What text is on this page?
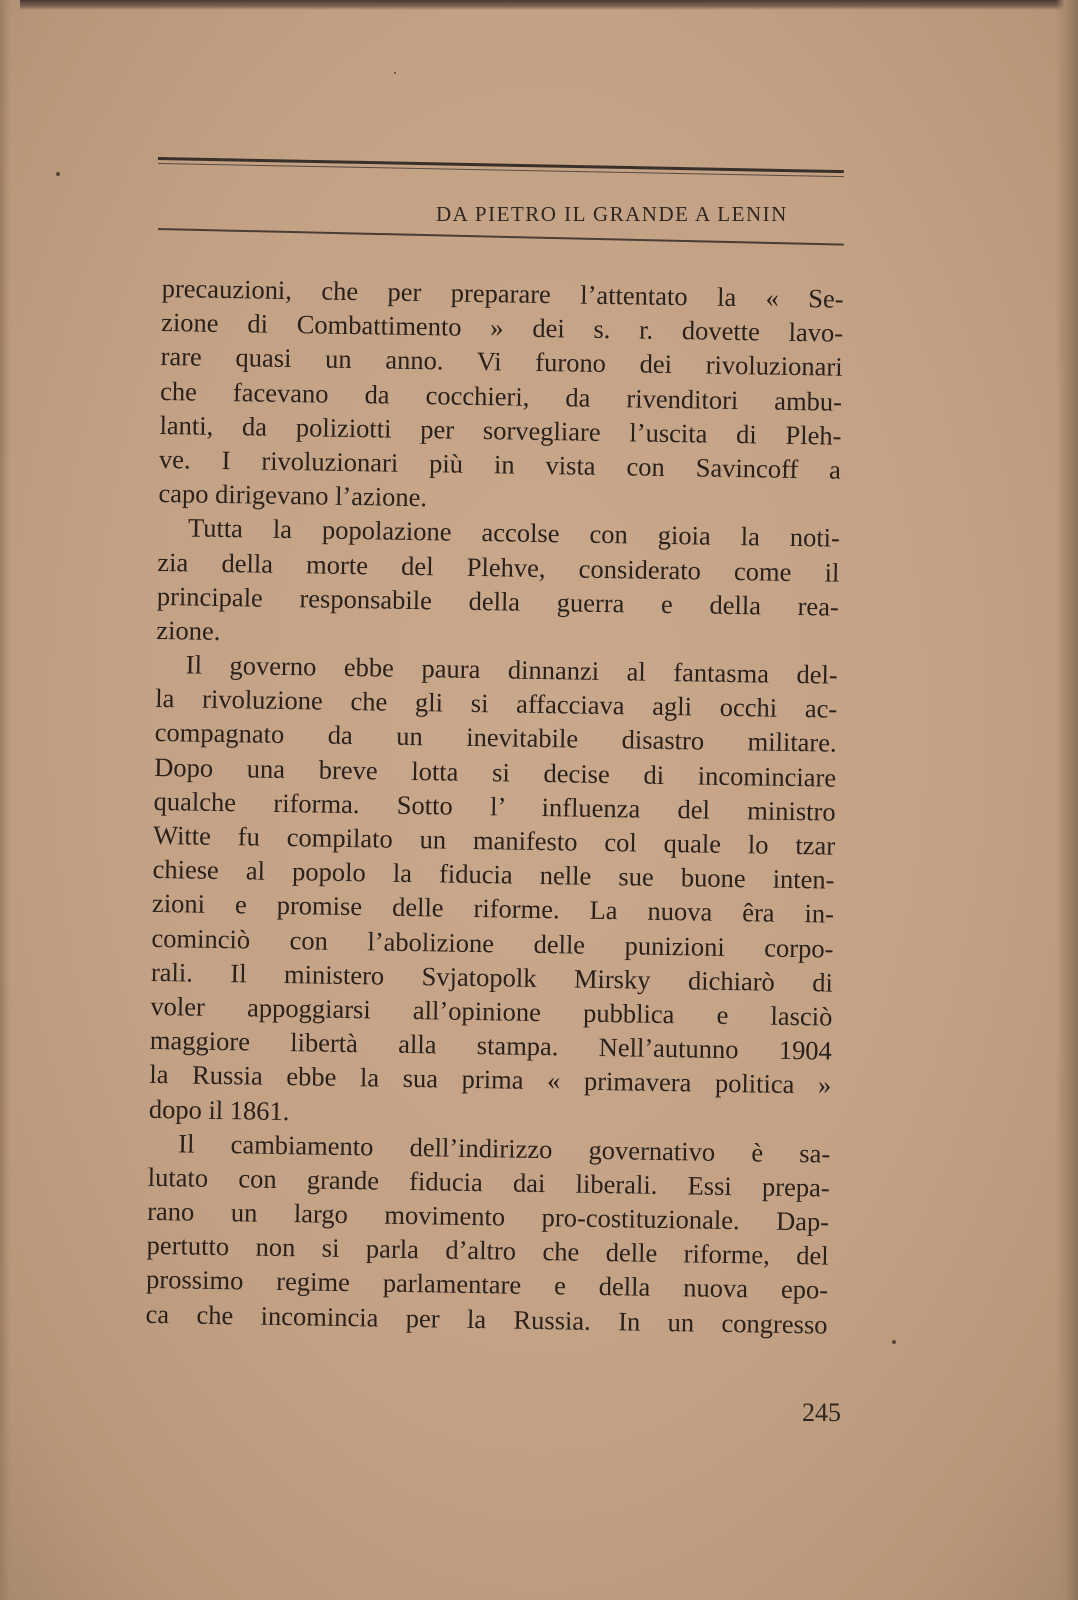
DA PIETRO IL GRANDE A LENIN
precauzioni, che per preparare l’attentato la « Se-
zione di Combattimento » dei s. r. dovette lavo-
rare quasi un anno. Vi furono dei rivoluzionari
che facevano da cocchieri, da rivenditori ambu-
lanti, da poliziotti per sorvegliare l’uscita di Pleh-
ve. I rivoluzionari più in vista con Savincoff a
capo dirigevano l’azione.
Tutta la popolazione accolse con gioia la noti-
zia della morte del Plehve, considerato come il
principale responsabile della guerra e della rea-
zione.
Il governo ebbe paura dinnanzi al fantasma del-
la rivoluzione che gli si affacciava agli occhi ac-
compagnato da un inevitabile disastro militare.
Dopo una breve lotta si decise di incominciare
qualche riforma. Sotto l’ influenza del ministro
Witte fu compilato un manifesto col quale lo tzar
chiese al popolo la fiducia nelle sue buone inten-
zioni e promise delle riforme. La nuova êra in-
cominciò con l’abolizione delle punizioni corpo-
rali. Il ministero Svjatopolk Mirsky dichiarò di
voler appoggiarsi all’opinione pubblica e lasciò
maggiore libertà alla stampa. Nell’autunno 1904
la Russia ebbe la sua prima « primavera politica »
dopo il 1861.
Il cambiamento dell’indirizzo governativo è sa-
lutato con grande fiducia dai liberali. Essi prepa-
rano un largo movimento pro-costituzionale. Dap-
pertutto non si parla d’altro che delle riforme, del
prossimo regime parlamentare e della nuova epo-
ca che incomincia per la Russia. In un congresso
245
